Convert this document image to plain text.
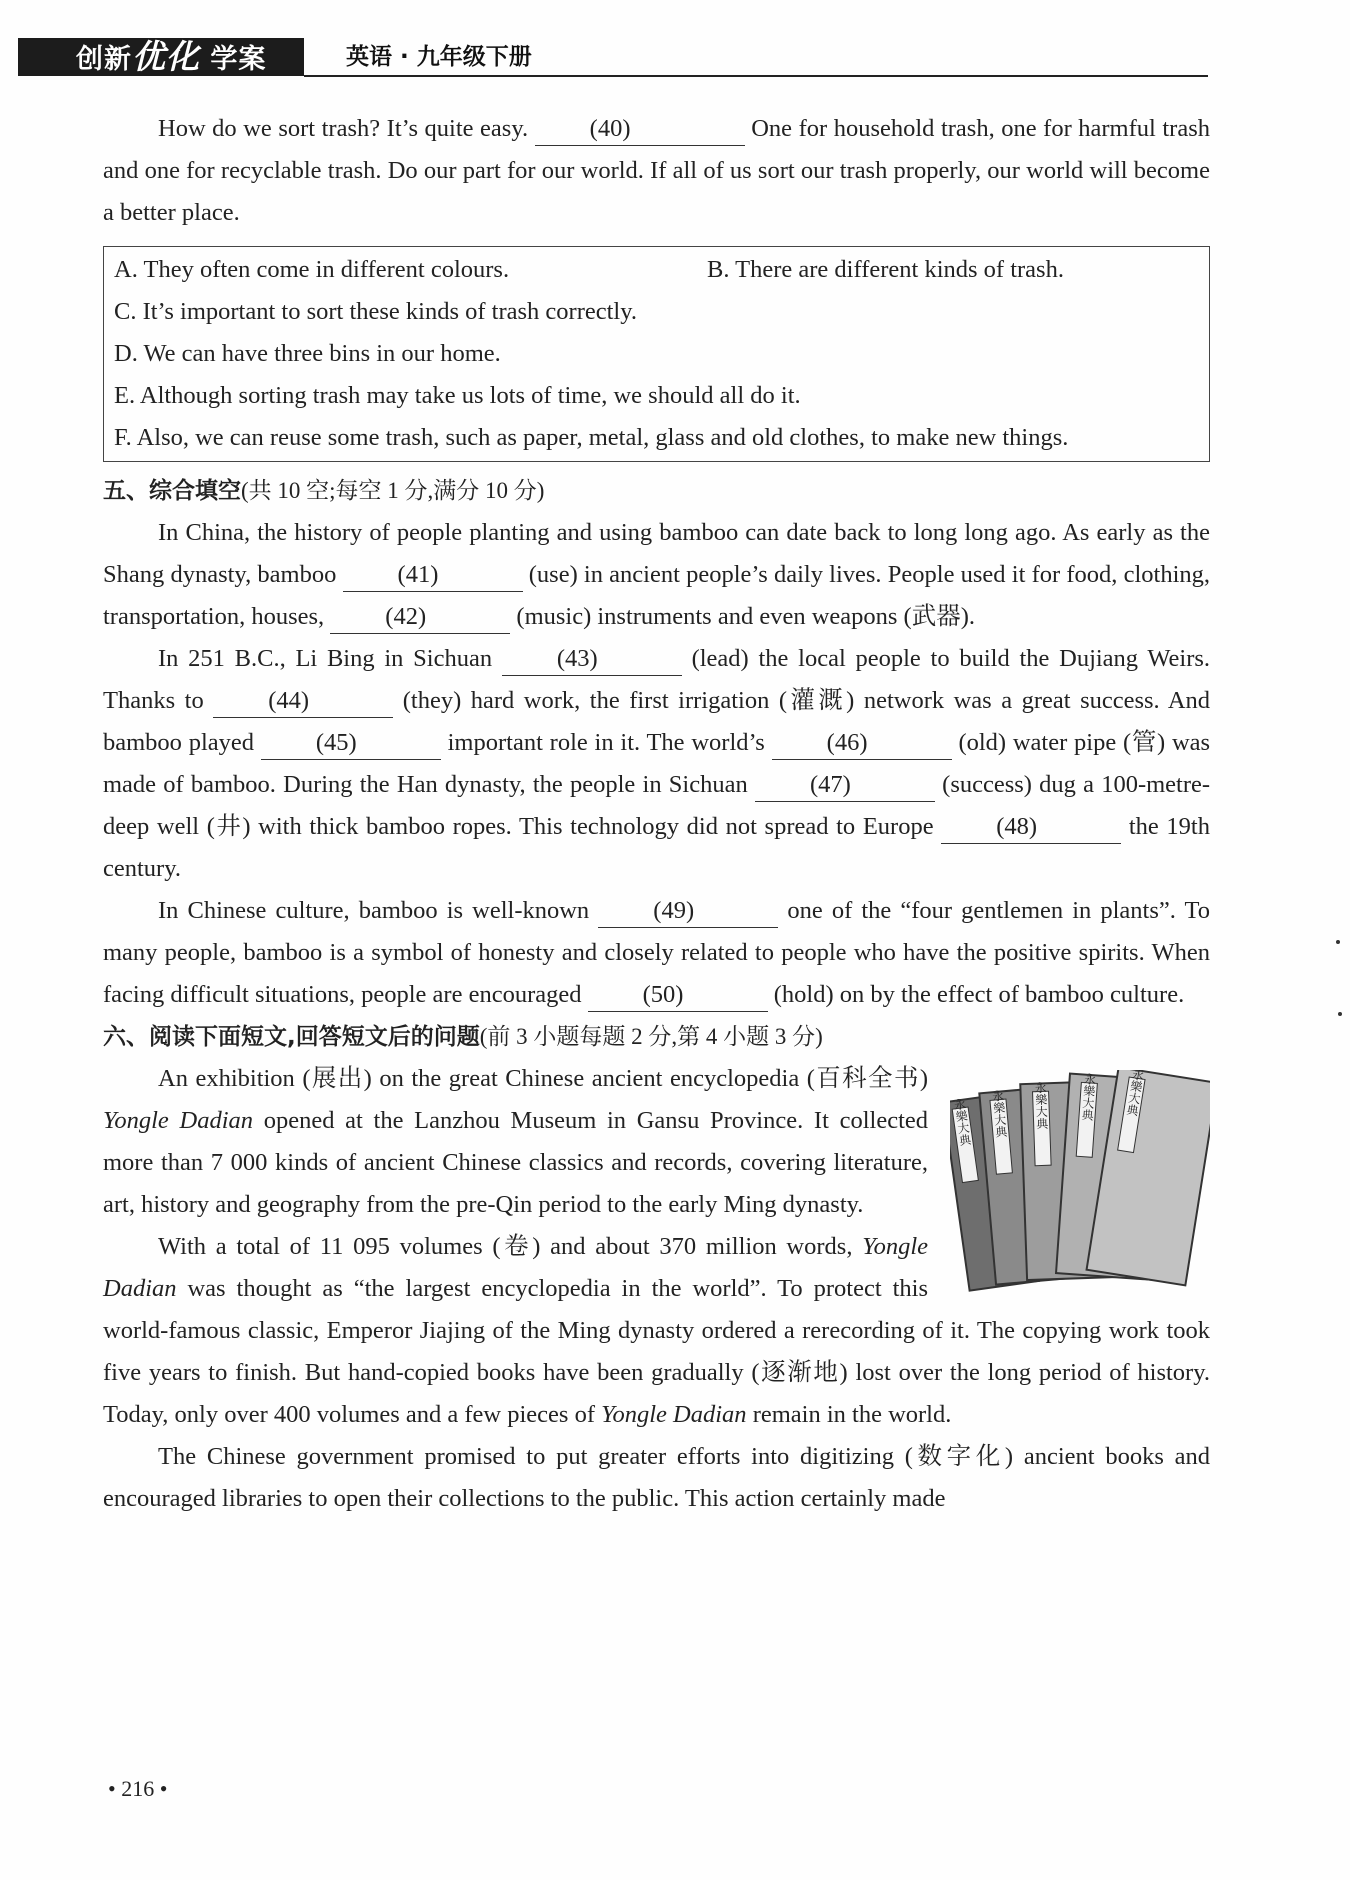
创新优化 学案	英语 · 九年级下册

How do we sort trash? It’s quite easy.	(40)	One for household trash, one for harmful trash and one for recyclable trash. Do our part for our world. If all of us sort our trash properly, our world will become a better place.

A. They often come in different colours.	B. There are different kinds of trash.
C. It’s important to sort these kinds of trash correctly.
D. We can have three bins in our home.
E. Although sorting trash may take us lots of time, we should all do it.
F. Also, we can reuse some trash, such as paper, metal, glass and old clothes, to make new things.

五、综合填空(共 10 空;每空 1 分,满分 10 分)

In China, the history of people planting and using bamboo can date back to long long ago. As early as the Shang dynasty, bamboo (41)	(use) in ancient people’s daily lives. People used it for food, clothing, transportation, houses, (42)	(music) instruments and even weapons (武器).

In 251 B.C., Li Bing in Sichuan	(43)	(lead) the local people to build the Dujiang Weirs. Thanks to	(44)	(they) hard work, the first irrigation (灌溉) network was a great success. And bamboo played	(45)	important role in it. The world’s	(46)	(old) water pipe (管) was made of bamboo. During the Han dynasty, the people in Sichuan	(47)	(success) dug a 100-metre-deep well (井) with thick bamboo ropes. This technology did not spread to Europe	(48)	the 19th century.

In Chinese culture, bamboo is well-known	(49)	one of the “four gentlemen in plants”. To many people, bamboo is a symbol of honesty and closely related to people who have the positive spirits. When facing difficult situations, people are encouraged (50)	(hold) on by the effect of bamboo culture.

六、阅读下面短文,回答短文后的问题(前 3 小题每题 2 分,第 4 小题 3 分)

永樂大典 永樂大典 永樂大典	永樂大典 永樂大典

An exhibition (展出) on the great Chinese ancient encyclopedia (百科全书) Yongle Dadian opened at the Lanzhou Museum in Gansu Province. It collected more than 7 000 kinds of ancient Chinese classics and records, covering literature, art, history and geography from the pre-Qin period to the early Ming dynasty.

With a total of 11 095 volumes (卷) and about 370 million words, Yongle Dadian was thought as “the largest encyclopedia in the world”. To protect this world-famous classic, Emperor Jiajing of the Ming dynasty ordered a rerecording of it. The copying work took five years to finish. But hand-copied books have been gradually (逐渐地) lost over the long period of history. Today, only over 400 volumes and a few pieces of Yongle Dadian remain in the world.

The Chinese government promised to put greater efforts into digitizing (数字化) ancient books and encouraged libraries to open their collections to the public. This action certainly made

• 216 •
